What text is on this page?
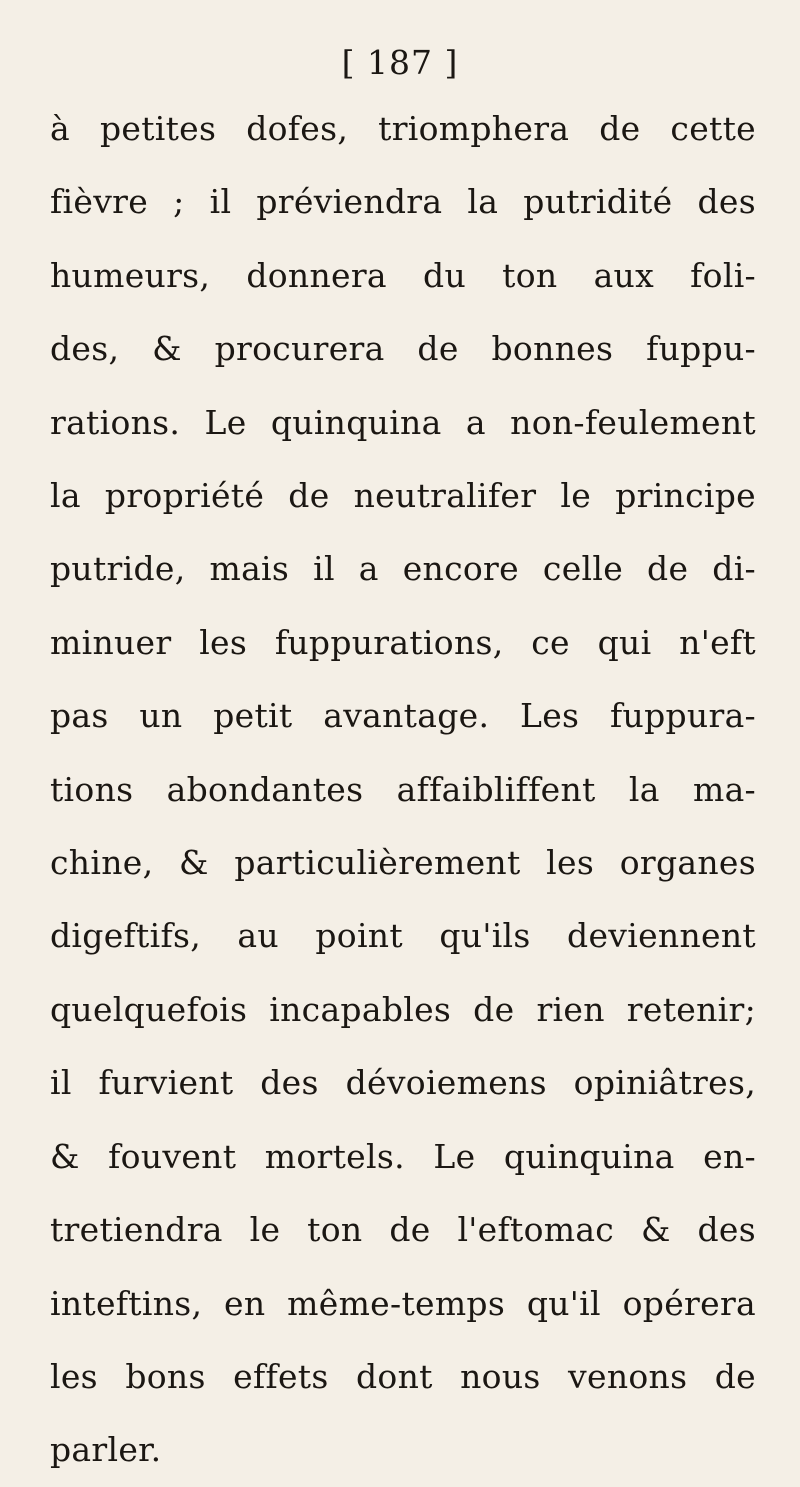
[ 187 ]
à petites dofes, triomphera de cette
fièvre ; il préviendra la putridité des
humeurs, donnera du ton aux foli-
des, & procurera de bonnes fuppu-
rations. Le quinquina a non-feulement
la propriété de neutralifer le principe
putride, mais il a encore celle de di-
minuer les fuppurations, ce qui n'eft
pas un petit avantage. Les fuppura-
tions abondantes affaibliffent la ma-
chine, & particulièrement les organes
digeftifs, au point qu'ils deviennent
quelquefois incapables de rien retenir;
il furvient des dévoiemens opiniâtres,
& fouvent mortels. Le quinquina en-
tretiendra le ton de l'eftomac & des
inteftins, en même-temps qu'il opérera
les bons effets dont nous venons de
parler.
